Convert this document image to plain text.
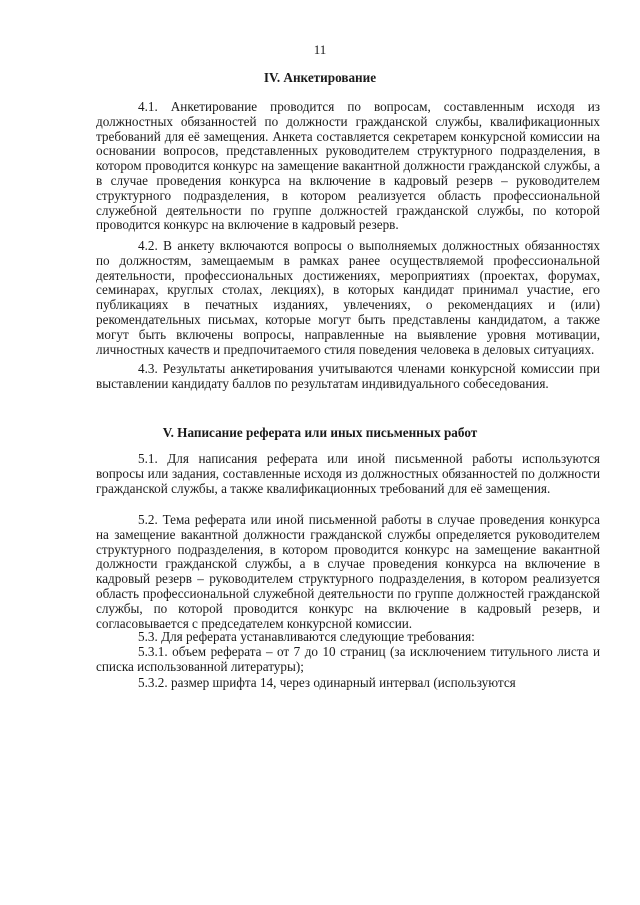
11
IV. Анкетирование
4.1. Анкетирование проводится по вопросам, составленным исходя из должностных обязанностей по должности гражданской службы, квалификационных требований для её замещения. Анкета составляется секретарем конкурсной комиссии на основании вопросов, представленных руководителем структурного подразделения, в котором проводится конкурс на замещение вакантной должности гражданской службы, а в случае проведения конкурса на включение в кадровый резерв – руководителем структурного подразделения, в котором реализуется область профессиональной служебной деятельности по группе должностей гражданской службы, по которой проводится конкурс на включение в кадровый резерв.
4.2. В анкету включаются вопросы о выполняемых должностных обязанностях по должностям, замещаемым в рамках ранее осуществляемой профессиональной деятельности, профессиональных достижениях, мероприятиях (проектах, форумах, семинарах, круглых столах, лекциях), в которых кандидат принимал участие, его публикациях в печатных изданиях, увлечениях, о рекомендациях и (или) рекомендательных письмах, которые могут быть представлены кандидатом, а также могут быть включены вопросы, направленные на выявление уровня мотивации, личностных качеств и предпочитаемого стиля поведения человека в деловых ситуациях.
4.3. Результаты анкетирования учитываются членами конкурсной комиссии при выставлении кандидату баллов по результатам индивидуального собеседования.
V. Написание реферата или иных письменных работ
5.1. Для написания реферата или иной письменной работы используются вопросы или задания, составленные исходя из должностных обязанностей по должности гражданской службы, а также квалификационных требований для её замещения.
5.2. Тема реферата или иной письменной работы в случае проведения конкурса на замещение вакантной должности гражданской службы определяется руководителем структурного подразделения, в котором проводится конкурс на замещение вакантной должности гражданской службы, а в случае проведения конкурса на включение в кадровый резерв – руководителем структурного подразделения, в котором реализуется область профессиональной служебной деятельности по группе должностей гражданской службы, по которой проводится конкурс на включение в кадровый резерв, и согласовывается с председателем конкурсной комиссии.
5.3. Для реферата устанавливаются следующие требования:
5.3.1. объем реферата – от 7 до 10 страниц (за исключением титульного листа и списка использованной литературы);
5.3.2. размер шрифта 14, через одинарный интервал (используются
